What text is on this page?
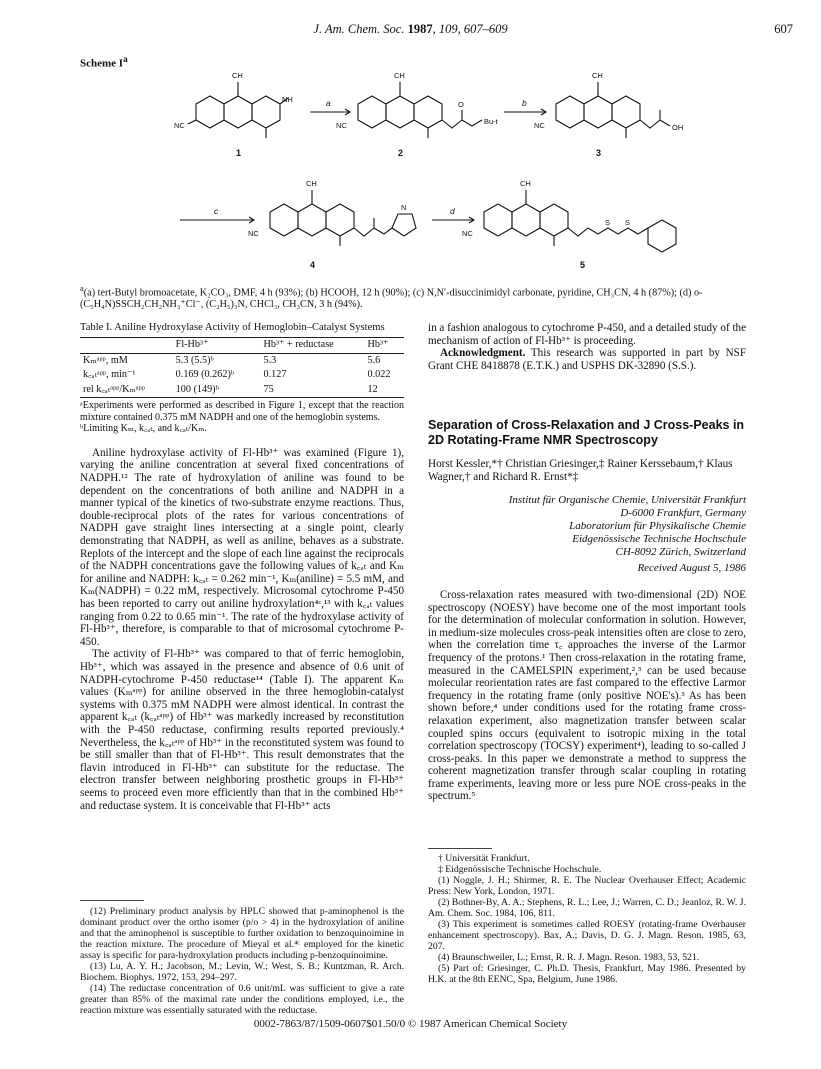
J. Am. Chem. Soc. 1987, 109, 607–609	607
Scheme $I^a$
CH	CH	CH
CH	CH
NC	NC	NC
NC	NC
N
O
Bu-t
OH
NH
S S
a	b
c	d
1	2	3
4	5
$^a$(a) tert-Butyl bromoacetate, K₂CO₃, DMF, 4 h (93%); (b) HCOOH, 12 h (90%); (c) N,N′-disuccinimidyl carbonate, pyridine, CH₃CN, 4 h (87%); (d) o-(C₅H₄N)SSCH₂CH₂NH₃⁺Cl⁻, (C₂H₅)₃N, CHCl₃, CH₃CN, 3 h (94%).
Table I. Aniline Hydroxylase Activity of Hemoglobin–Catalyst Systems
	Fl-Hb³⁺	Hb³⁺ + reductase	Hb³⁺
Kₘᵃᵖᵖ, mM	5.3 (5.5)ᵇ	5.3	5.6
k꜀ₐₜᵃᵖᵖ, min⁻¹	0.169 (0.262)ᵇ	0.127	0.022
rel k꜀ₐₜᵃᵖᵖ/Kₘᵃᵖᵖ	100 (149)ᵇ	75	12
ᵃExperiments were performed as described in Figure 1, except that the reaction mixture contained 0.375 mM NADPH and one of the hemoglobin systems.
ᵇLimiting Kₘ, k꜀ₐₜ, and k꜀ₐₜ/Kₘ.

Aniline hydroxylase activity of Fl-Hb³⁺ was examined (Figure 1), varying the aniline concentration at several fixed concentrations of NADPH.¹² The rate of hydroxylation of aniline was found to be dependent on the concentrations of both aniline and NADPH in a manner typical of the kinetics of two-substrate enzyme reactions. Thus, double-reciprocal plots of the rates for various concentrations of NADPH gave straight lines intersecting at a single point, clearly demonstrating that NADPH, as well as aniline, behaves as a substrate. Replots of the intercept and the slope of each line against the reciprocals of the NADPH concentrations gave the following values of k꜀ₐₜ and Kₘ for aniline and NADPH: k꜀ₐₜ = 0.262 min⁻¹, Kₘ(aniline) = 5.5 mM, and Kₘ(NADPH) = 0.22 mM, respectively. Microsomal cytochrome P-450 has been reported to carry out aniline hydroxylation⁴ᶜ,¹³ with k꜀ₐₜ values ranging from 0.22 to 0.65 min⁻¹. The rate of the hydroxylase activity of Fl-Hb³⁺, therefore, is comparable to that of microsomal cytochrome P-450.

The activity of Fl-Hb³⁺ was compared to that of ferric hemoglobin, Hb³⁺, which was assayed in the presence and absence of 0.6 unit of NADPH-cytochrome P-450 reductase¹⁴ (Table I). The apparent Kₘ values (Kₘᵃᵖᵖ) for aniline observed in the three hemoglobin-catalyst systems with 0.375 mM NADPH were almost identical. In contrast the apparent k꜀ₐₜ (k꜀ₐₜᵃᵖᵖ) of Hb³⁺ was markedly increased by reconstitution with the P-450 reductase, confirming results reported previously.⁴ Nevertheless, the k꜀ₐₜᵃᵖᵖ of Hb³⁺ in the reconstituted system was found to be still smaller than that of Fl-Hb³⁺. This result demonstrates that the flavin introduced in Fl-Hb³⁺ can substitute for the reductase. The electron transfer between neighboring prosthetic groups in Fl-Hb³⁺ seems to proceed even more efficiently than that in the combined Hb³⁺ and reductase system. It is conceivable that Fl-Hb³⁺ acts

in a fashion analogous to cytochrome P-450, and a detailed study of the mechanism of action of Fl-Hb³⁺ is proceeding.

Acknowledgment. This research was supported in part by NSF Grant CHE 8418878 (E.T.K.) and USPHS DK-32890 (S.S.).

Separation of Cross-Relaxation and J Cross-Peaks in 2D Rotating-Frame NMR Spectroscopy
Horst Kessler,*† Christian Griesinger,‡ Rainer Kerssebaum,† Klaus Wagner,† and Richard R. Ernst*‡
Institut für Organische Chemie, Universität Frankfurt
D-6000 Frankfurt, Germany
Laboratorium für Physikalische Chemie
Eidgenössische Technische Hochschule
CH-8092 Zürich, Switzerland
Received August 5, 1986

Cross-relaxation rates measured with two-dimensional (2D) NOE spectroscopy (NOESY) have become one of the most important tools for the determination of molecular conformation in solution. However, in medium-size molecules cross-peak intensities often are close to zero, when the correlation time τ꜀ approaches the inverse of the Larmor frequency of the protons.¹ Then cross-relaxation in the rotating frame, measured in the CAMELSPIN experiment,²,³ can be used because molecular reorientation rates are fast compared to the effective Larmor frequency in the rotating frame (only positive NOE's).³ As has been shown before,⁴ under conditions used for the rotating frame cross-relaxation experiment, also magnetization transfer between scalar coupled spins occurs (equivalent to isotropic mixing in the total correlation spectroscopy (TOCSY) experiment⁴), leading to so-called J cross-peaks. In this paper we demonstrate a method to suppress the coherent magnetization transfer through scalar coupling in rotating frame experiments, leaving more or less pure NOE cross-peaks in the spectrum.⁵

(12) Preliminary product analysis by HPLC showed that p-aminophenol is the dominant product over the ortho isomer (p/o > 4) in the hydroxylation of aniline and that the aminophenol is susceptible to further oxidation to benzoquinoimine in the reaction mixture. The procedure of Mieyal et al.⁴ᶜ employed for the kinetic assay is specific for para-hydroxylation products including p-benzoquinoimine.

(13) Lu, A. Y. H.; Jacobson, M.; Levin, W.; West, S. B.; Kuntzman, R. Arch. Biochem. Biophys. 1972, 153, 294–297.

(14) The reductase concentration of 0.6 unit/mL was sufficient to give a rate greater than 85% of the maximal rate under the conditions employed, i.e., the reaction mixture was essentially saturated with the reductase.

† Universität Frankfurt.

‡ Eidgenössische Technische Hochschule.

(1) Noggle, J. H.; Shirmer, R. E. The Nuclear Overhauser Effect; Academic Press: New York, London, 1971.

(2) Bothner-By, A. A.; Stephens, R. L.; Lee, J.; Warren, C. D.; Jeanloz, R. W. J. Am. Chem. Soc. 1984, 106, 811.

(3) This experiment is sometimes called ROESY (rotating-frame Overhauser enhancement spectroscopy). Bax, A.; Davis, D. G. J. Magn. Reson. 1985, 63, 207.

(4) Braunschweiler, L.; Ernst, R. R. J. Magn. Reson. 1983, 53, 521.

(5) Part of: Griesinger, C. Ph.D. Thesis, Frankfurt, May 1986. Presented by H.K. at the 8th EENC, Spa, Belgium, June 1986.

0002-7863/87/1509-0607$01.50/0 © 1987 American Chemical Society
